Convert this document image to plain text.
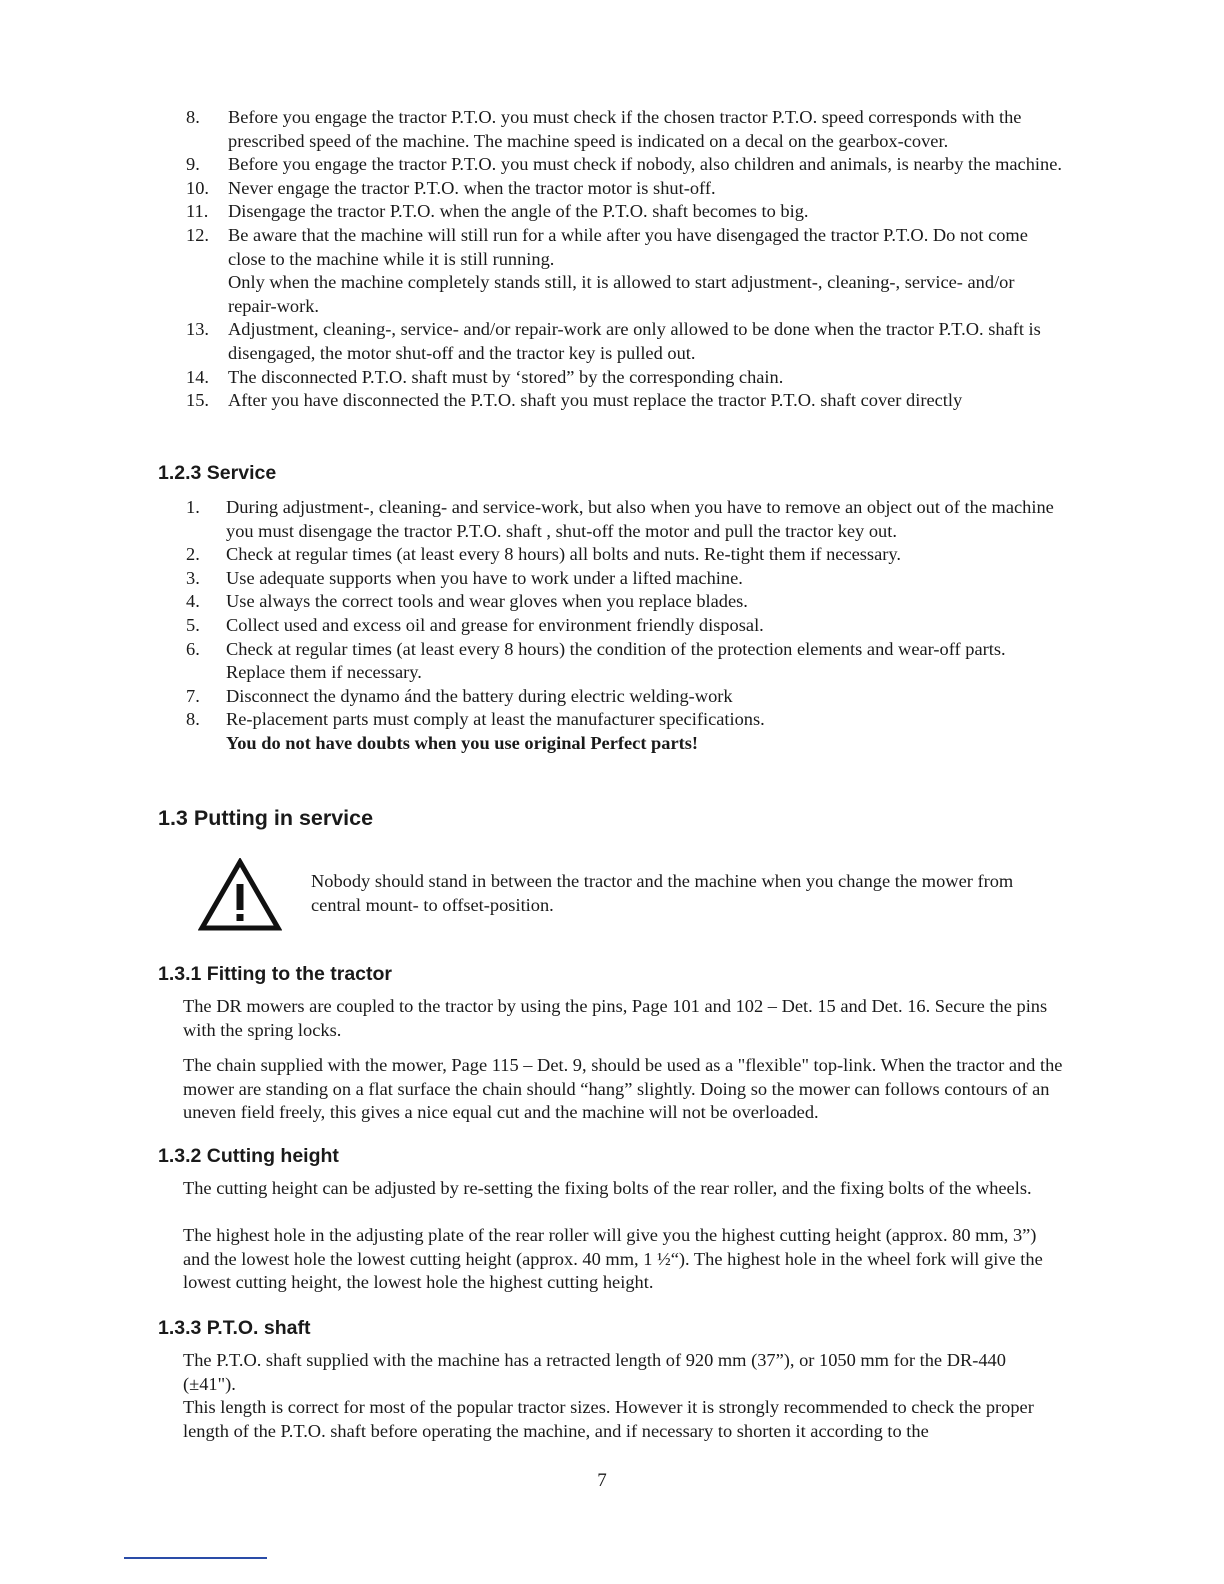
8. Before you engage the tractor P.T.O. you must check if the chosen tractor P.T.O. speed corresponds with the prescribed speed of the machine. The machine speed is indicated on a decal on the gearbox-cover.
9. Before you engage the tractor P.T.O. you must check if nobody, also children and animals, is nearby the machine.
10. Never engage the tractor P.T.O. when the tractor motor is shut-off.
11. Disengage the tractor P.T.O. when the angle of the P.T.O. shaft becomes to big.
12. Be aware that the machine will still run for a while after you have disengaged the tractor P.T.O. Do not come close to the machine while it is still running.
Only when the machine completely stands still, it is allowed to start adjustment-, cleaning-, service- and/or repair-work.
13. Adjustment, cleaning-, service- and/or repair-work are only allowed to be done when the tractor P.T.O. shaft is disengaged, the motor shut-off and the tractor key is pulled out.
14. The disconnected P.T.O. shaft must by ‘stored” by the corresponding chain.
15. After you have disconnected the P.T.O. shaft you must replace the tractor P.T.O. shaft cover directly
1.2.3 Service
1. During adjustment-, cleaning- and service-work, but also when you have to remove an object out of the machine you must disengage the tractor P.T.O. shaft , shut-off the motor and pull the tractor key out.
2. Check at regular times (at least every 8 hours) all bolts and nuts. Re-tight them if necessary.
3. Use adequate supports when you have to work under a lifted machine.
4. Use always the correct tools and wear gloves when you replace blades.
5. Collect used and excess oil and grease for environment friendly disposal.
6. Check at regular times (at least every 8 hours) the condition of the protection elements and wear-off parts. Replace them if necessary.
7. Disconnect the dynamo ánd the battery during electric welding-work
8. Re-placement parts must comply at least the manufacturer specifications.
You do not have doubts when you use original Perfect parts!
1.3 Putting in service

Nobody should stand in between the tractor and the machine when you change the mower from central mount- to offset-position.

1.3.1 Fitting to the tractor

The DR mowers are coupled to the tractor by using the pins, Page 101 and 102 – Det. 15 and Det. 16. Secure the pins with the spring locks.

The chain supplied with the mower, Page 115 – Det. 9, should be used as a "flexible" top-link. When the tractor and the mower are standing on a flat surface the chain should “hang” slightly. Doing so the mower can follows contours of an uneven field freely, this gives a nice equal cut and the machine will not be overloaded.

1.3.2 Cutting height

The cutting height can be adjusted by re-setting the fixing bolts of the rear roller, and the fixing bolts of the wheels.

The highest hole in the adjusting plate of the rear roller will give you the highest cutting height (approx. 80 mm, 3”) and the lowest hole the lowest cutting height (approx. 40 mm, 1 ½“). The highest hole in the wheel fork will give the lowest cutting height, the lowest hole the highest cutting height.

1.3.3 P.T.O. shaft

The P.T.O. shaft supplied with the machine has a retracted length of 920 mm (37”), or 1050 mm for the DR-440 (±41").

This length is correct for most of the popular tractor sizes. However it is strongly recommended to check the proper length of the P.T.O. shaft before operating the machine, and if necessary to shorten it according to the

7
